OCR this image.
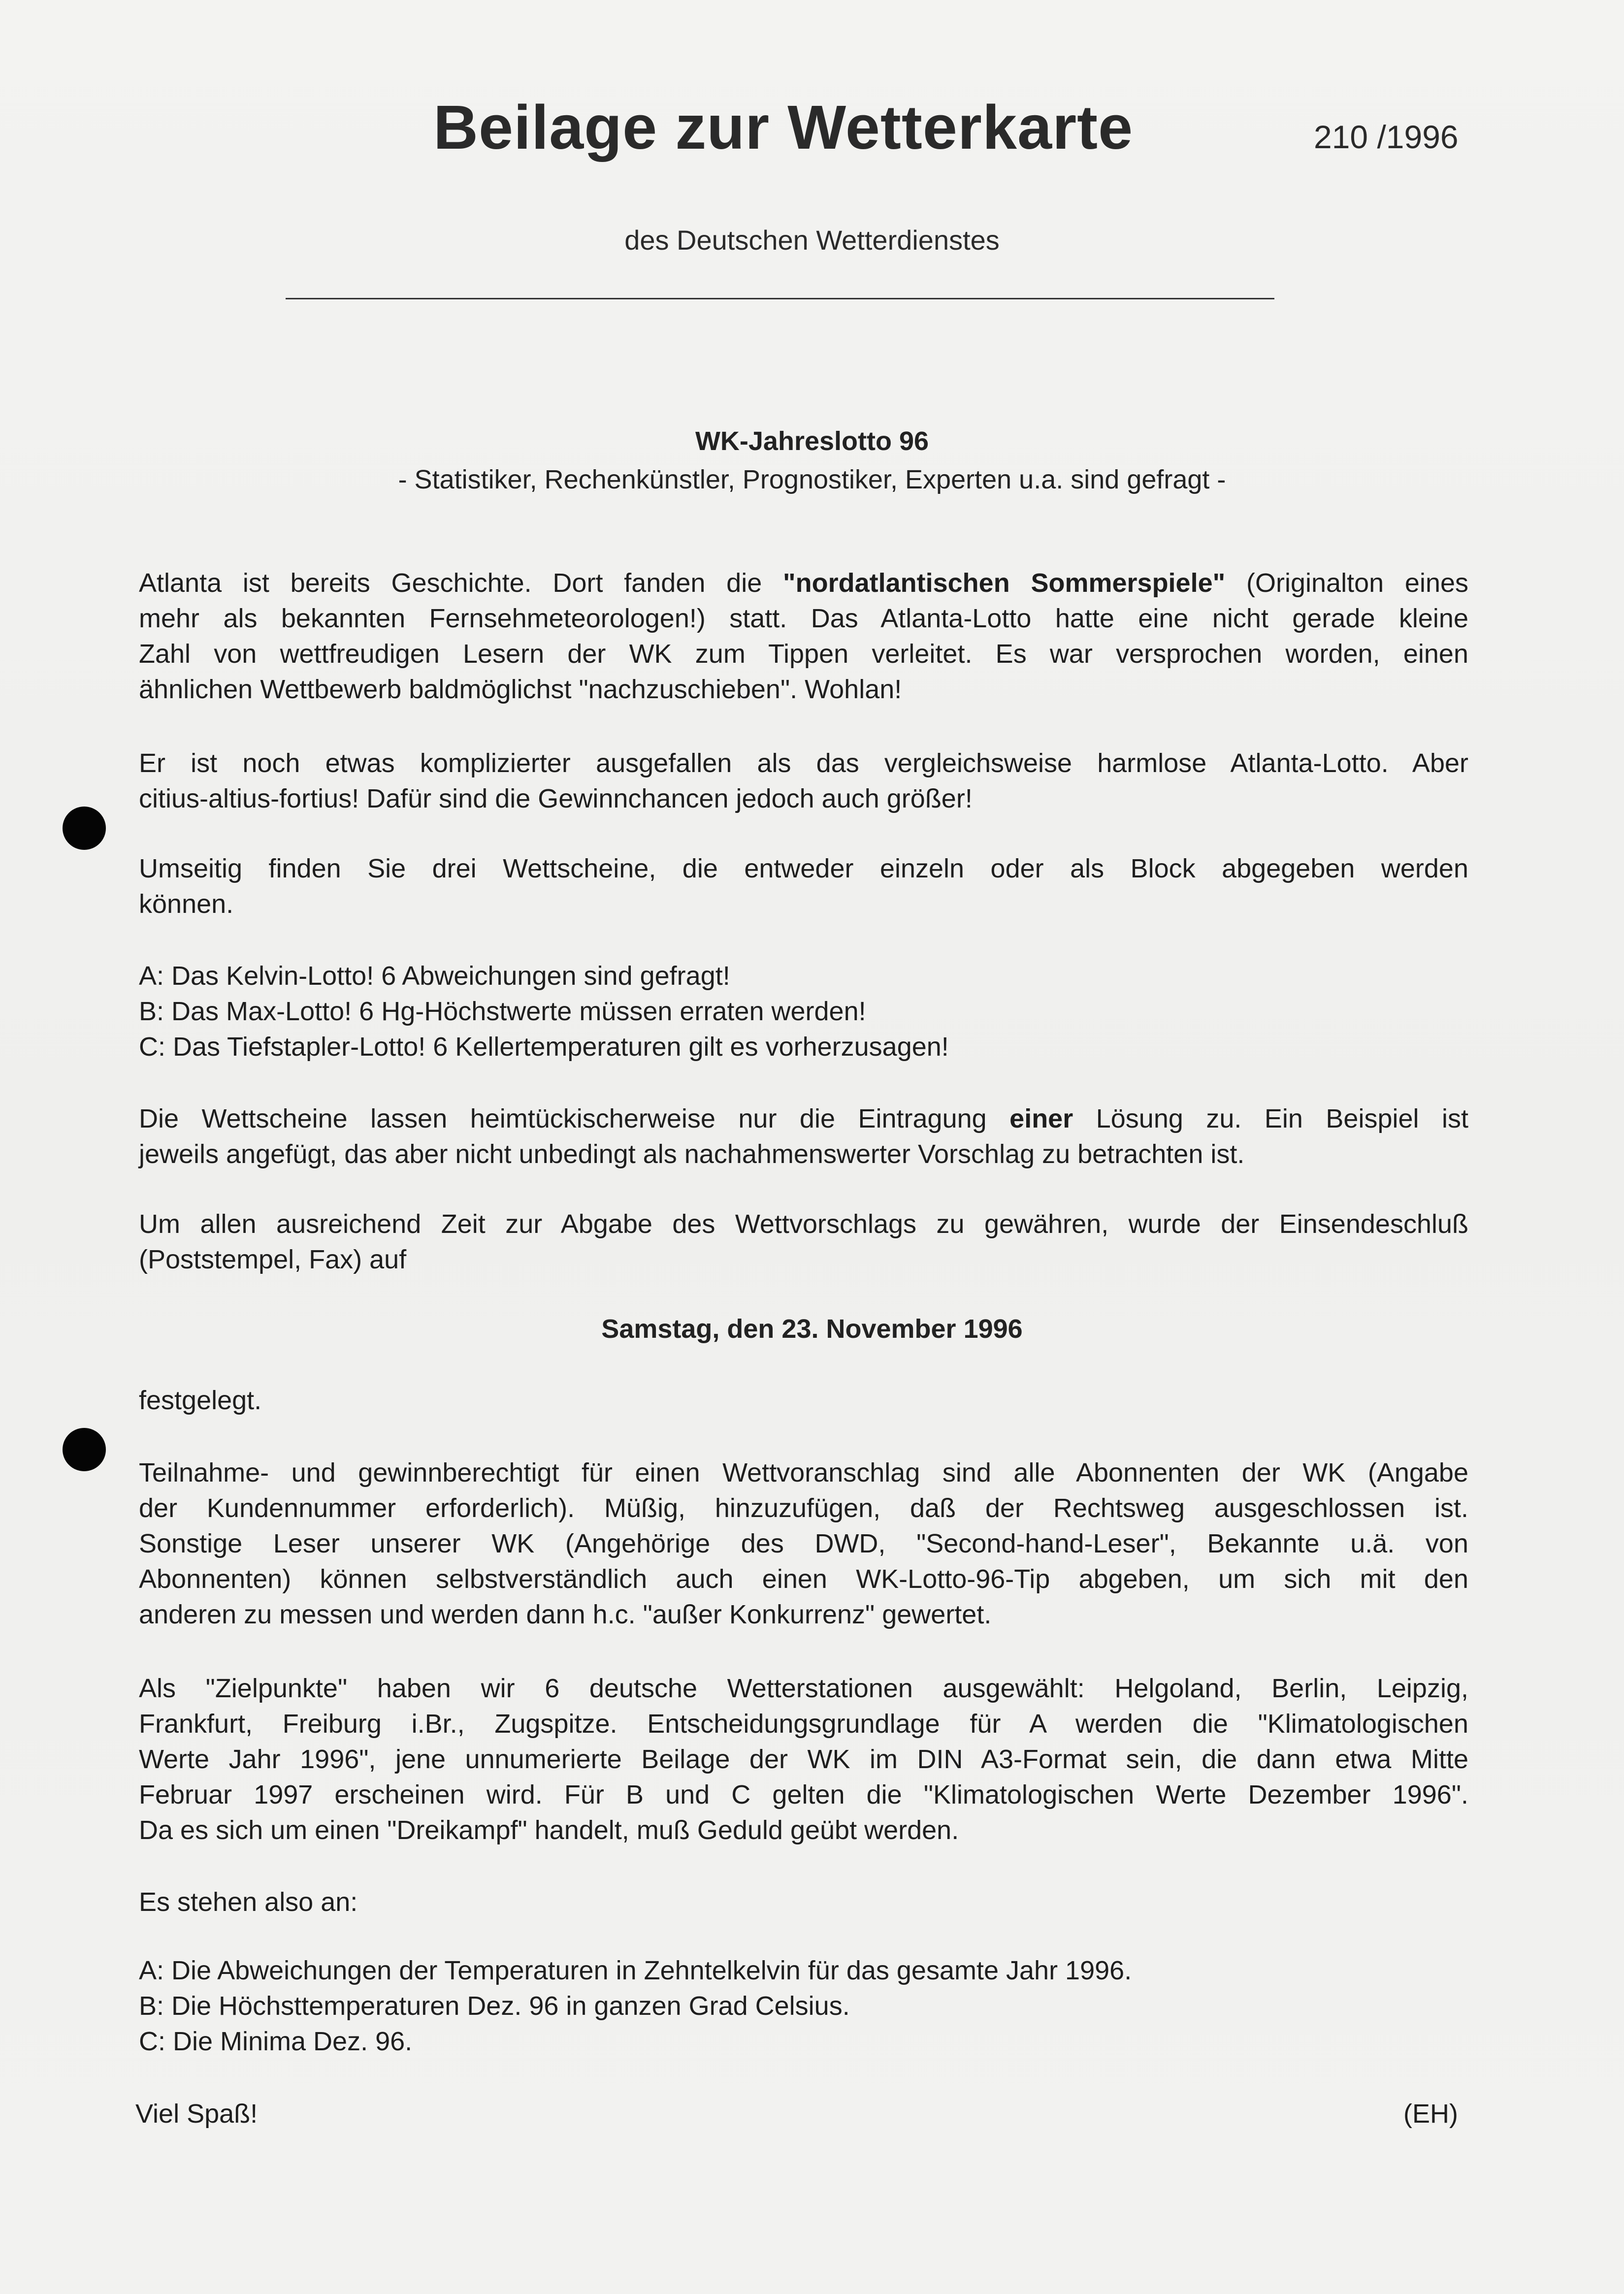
Beilage zur Wetterkarte	210 /1996
des Deutschen Wetterdienstes
WK-Jahreslotto 96
- Statistiker, Rechenkünstler, Prognostiker, Experten u.a. sind gefragt -
Atlanta ist bereits Geschichte. Dort fanden die "nordatlantischen Sommerspiele" (Originalton eines
mehr als bekannten Fernsehmeteorologen!) statt. Das Atlanta-Lotto hatte eine nicht gerade kleine
Zahl von wettfreudigen Lesern der WK zum Tippen verleitet. Es war versprochen worden, einen
ähnlichen Wettbewerb baldmöglichst "nachzuschieben". Wohlan!
Er ist noch etwas komplizierter ausgefallen als das vergleichsweise harmlose Atlanta-Lotto. Aber
citius-altius-fortius! Dafür sind die Gewinnchancen jedoch auch größer!
Umseitig finden Sie drei Wettscheine, die entweder einzeln oder als Block abgegeben werden
können.
A: Das Kelvin-Lotto! 6 Abweichungen sind gefragt!
B: Das Max-Lotto! 6 Hg-Höchstwerte müssen erraten werden!
C: Das Tiefstapler-Lotto! 6 Kellertemperaturen gilt es vorherzusagen!
Die Wettscheine lassen heimtückischerweise nur die Eintragung einer Lösung zu. Ein Beispiel ist
jeweils angefügt, das aber nicht unbedingt als nachahmenswerter Vorschlag zu betrachten ist.
Um allen ausreichend Zeit zur Abgabe des Wettvorschlags zu gewähren, wurde der Einsendeschluß
(Poststempel, Fax) auf
Samstag, den 23. November 1996
festgelegt.
Teilnahme- und gewinnberechtigt für einen Wettvoranschlag sind alle Abonnenten der WK (Angabe
der Kundennummer erforderlich). Müßig, hinzuzufügen, daß der Rechtsweg ausgeschlossen ist.
Sonstige Leser unserer WK (Angehörige des DWD, "Second-hand-Leser", Bekannte u.ä. von
Abonnenten) können selbstverständlich auch einen WK-Lotto-96-Tip abgeben, um sich mit den
anderen zu messen und werden dann h.c. "außer Konkurrenz" gewertet.
Als "Zielpunkte" haben wir 6 deutsche Wetterstationen ausgewählt: Helgoland, Berlin, Leipzig,
Frankfurt, Freiburg i.Br., Zugspitze. Entscheidungsgrundlage für A werden die "Klimatologischen
Werte Jahr 1996", jene unnumerierte Beilage der WK im DIN A3-Format sein, die dann etwa Mitte
Februar 1997 erscheinen wird. Für B und C gelten die "Klimatologischen Werte Dezember 1996".
Da es sich um einen "Dreikampf" handelt, muß Geduld geübt werden.
Es stehen also an:
A: Die Abweichungen der Temperaturen in Zehntelkelvin für das gesamte Jahr 1996.
B: Die Höchsttemperaturen Dez. 96 in ganzen Grad Celsius.
C: Die Minima Dez. 96.
Viel Spaß!	(EH)
